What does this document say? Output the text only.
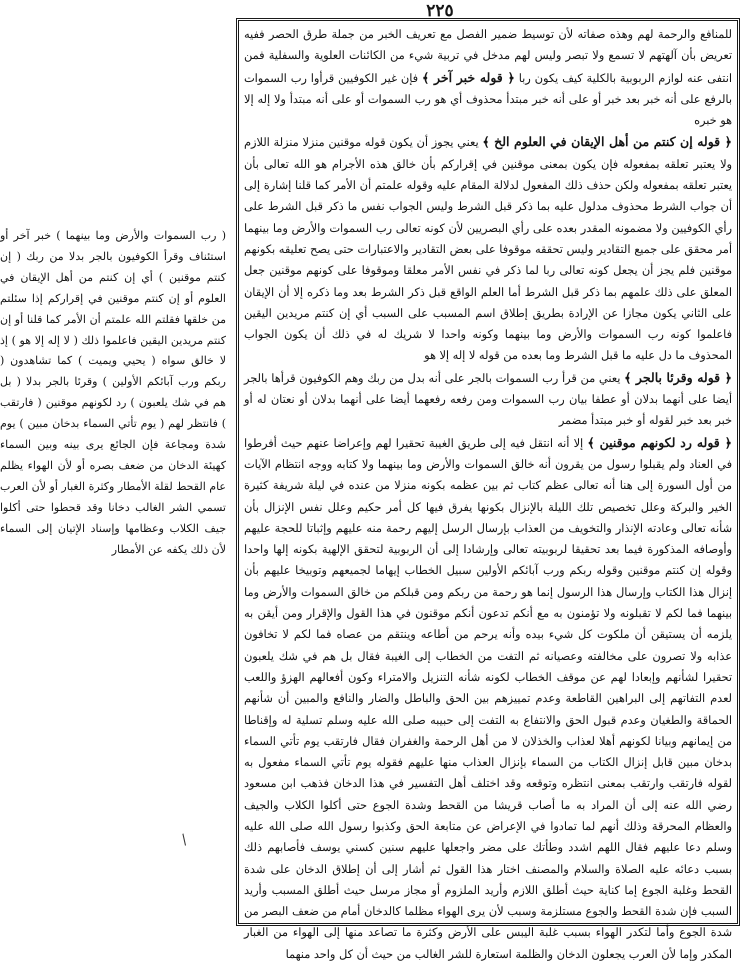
٢٢٥

للمنافع والرحمة لهم وهذه صفاته لأن توسيط ضمير الفصل مع تعريف الخبر من جملة طرق الحصر ففيه تعريض بأن آلهتهم لا تسمع ولا تبصر وليس لهم مدخل في تربية شيء من الكائنات العلوية والسفلية فمن انتفى عنه لوازم الربوبية بالكلية كيف يكون ربا ﴿ قوله خبر آخر ﴾ فإن غير الكوفيين قرأوا رب السموات بالرفع على أنه خبر بعد خبر أو على أنه خبر مبتدأ محذوف أي هو رب السموات أو على أنه مبتدأ ولا إله إلا هو خبره

﴿ قوله إن كنتم من أهل الإيقان في العلوم الخ ﴾ يعني يجوز أن يكون قوله موقنين منزلا منزلة اللازم ولا يعتبر تعلقه بمفعوله فإن يكون بمعنى موقنين في إقراركم بأن خالق هذه الأجرام هو الله تعالى بأن يعتبر تعلقه بمفعوله ولكن حذف ذلك المفعول لدلالة المقام عليه وقوله علمتم أن الأمر كما قلنا إشارة إلى أن جواب الشرط محذوف مدلول عليه بما ذكر قبل الشرط وليس الجواب نفس ما ذكر قبل الشرط على رأي الكوفيين ولا مضمونه المقدر بعده على رأي البصريين لأن كونه تعالى رب السموات والأرض وما بينهما أمر محقق على جميع التقادير وليس تحققه موقوفا على بعض التقادير والاعتبارات حتى يصح تعليقه بكونهم موقنين فلم يجز أن يجعل كونه تعالى ربا لما ذكر في نفس الأمر معلقا وموقوفا على كونهم موقنين جعل المعلق على ذلك علمهم بما ذكر قبل الشرط أما العلم الواقع قبل ذكر الشرط بعد وما ذكره إلا أن الإيقان على الثاني يكون مجازا عن الإرادة بطريق إطلاق اسم المسبب على السبب أي إن كنتم مريدين اليقين فاعلموا كونه رب السموات والأرض وما بينهما وكونه واحدا لا شريك له في ذلك أن يكون الجواب المحذوف ما دل عليه ما قبل الشرط وما بعده من قوله لا إله إلا هو

﴿ قوله وقرئا بالجر ﴾ يعني من قرأ رب السموات بالجر على أنه بدل من ربك وهم الكوفيون قرأها بالجر أيضا على أنهما بدلان أو عطفا بيان رب السموات ومن رفعه رفعهما أيضا على أنهما بدلان أو نعتان له أو خبر بعد خبر لقوله أو خبر مبتدأ مضمر

﴿ قوله رد لكونهم موقنين ﴾ إلا أنه انتقل فيه إلى طريق الغيبة تحقيرا لهم وإعراضا عنهم حيث أفرطوا في العناد ولم يقبلوا رسول من يقرون أنه خالق السموات والأرض وما بينهما ولا كتابه ووجه انتظام الآيات من أول السورة إلى هنا أنه تعالى عظم كتاب ثم بين عظمه بكونه منزلا من عنده في ليلة شريفة كثيرة الخير والبركة وعلل تخصيص تلك الليلة بالإنزال بكونها يفرق فيها كل أمر حكيم وعلل نفس الإنزال بأن شأنه تعالى وعادته الإنذار والتخويف من العذاب بإرسال الرسل إليهم رحمة منه عليهم وإثباتا للحجة عليهم وأوصافه المذكورة فيما بعد تحقيقا لربوبيته تعالى وإرشادا إلى أن الربوبية لتحقق الإلهية بكونه إلها واحدا وقوله إن كنتم موقنين وقوله ربكم ورب آبائكم الأولين سبيل الخطاب إيهاما لجميعهم وتوبيخا عليهم بأن إنزال هذا الكتاب وإرسال هذا الرسول إنما هو رحمة من ربكم ومن قبلكم من خالق السموات والأرض وما بينهما فما لكم لا تقبلونه ولا تؤمنون به مع أنكم تدعون أنكم موقنون في هذا القول والإقرار ومن أيقن به يلزمه أن يستيقن أن ملكوت كل شيء بيده وأنه يرحم من أطاعه وينتقم من عصاه فما لكم لا تخافون عذابه ولا تصرون على مخالفته وعصيانه ثم التفت من الخطاب إلى الغيبة فقال بل هم في شك يلعبون تحقيرا لشأنهم وإبعادا لهم عن موقف الخطاب لكونه شأنه التنزيل والامتراء وكون أفعالهم الهزؤ واللعب لعدم التفاتهم إلى البراهين القاطعة وعدم تمييزهم بين الحق والباطل والضار والنافع والمبين أن شأنهم الحماقة والطغيان وعدم قبول الحق والانتفاع به التفت إلى حبيبه صلى الله عليه وسلم تسلية له وإقناطا من إيمانهم وبيانا لكونهم أهلا لعذاب والخذلان لا من أهل الرحمة والغفران فقال فارتقب يوم تأتي السماء بدخان مبين قابل إنزال الكتاب من السماء بإنزال العذاب منها عليهم فقوله يوم تأتي السماء مفعول به لقوله فارتقب وارتقب بمعنى انتظره وتوقعه وقد اختلف أهل التفسير في هذا الدخان فذهب ابن مسعود رضي الله عنه إلى أن المراد به ما أصاب قريشا من القحط وشدة الجوع حتى أكلوا الكلاب والجيف والعظام المحرقة وذلك أنهم لما تمادوا في الإعراض عن متابعة الحق وكذبوا رسول الله صلى الله عليه وسلم دعا عليهم فقال اللهم اشدد وطأتك على مضر واجعلها عليهم سنين كسني يوسف فأصابهم ذلك بسبب دعائه عليه الصلاة والسلام والمصنف اختار هذا القول ثم أشار إلى أن إطلاق الدخان على شدة القحط وغلبة الجوع إما كناية حيث أطلق اللازم وأريد الملزوم أو مجاز مرسل حيث أطلق المسبب وأريد السبب فإن شدة القحط والجوع مستلزمة وسبب لأن يرى الهواء مظلما كالدخان أمام من ضعف البصر من شدة الجوع وأما لتكدر الهواء بسبب غلبة اليبس على الأرض وكثرة ما تصاعد منها إلى الهواء من الغبار المكدر وإما لأن العرب يجعلون الدخان والظلمة استعارة للشر الغالب من حيث أن كل واحد منهما

( رب السموات والأرض وما بينهما ) خبر آخر أو استئناف وقرأ الكوفيون بالجر بدلا من ربك ( إن كنتم موقنين ) أي إن كنتم من أهل الإيقان في العلوم أو إن كنتم موقنين في إقراركم إذا سئلتم من خلقها فقلتم الله علمتم أن الأمر كما قلنا أو إن كنتم مريدين اليقين فاعلموا ذلك ( لا إله إلا هو ) إذ لا خالق سواه ( يحيي ويميت ) كما تشاهدون ( ربكم ورب آبائكم الأولين ) وقرئا بالجر بدلا ( بل هم في شك يلعبون ) رد لكونهم موقنين ( فارتقب ) فانتظر لهم ( يوم تأتي السماء بدخان مبين ) يوم شدة ومجاعة فإن الجائع يرى بينه وبين السماء كهيئة الدخان من ضعف بصره أو لأن الهواء يظلم عام القحط لقلة الأمطار وكثرة الغبار أو لأن العرب تسمي الشر الغالب دخانا وقد قحطوا حتى أكلوا جيف الكلاب وعظامها وإسناد الإتيان إلى السماء لأن ذلك يكفه عن الأمطار

/
